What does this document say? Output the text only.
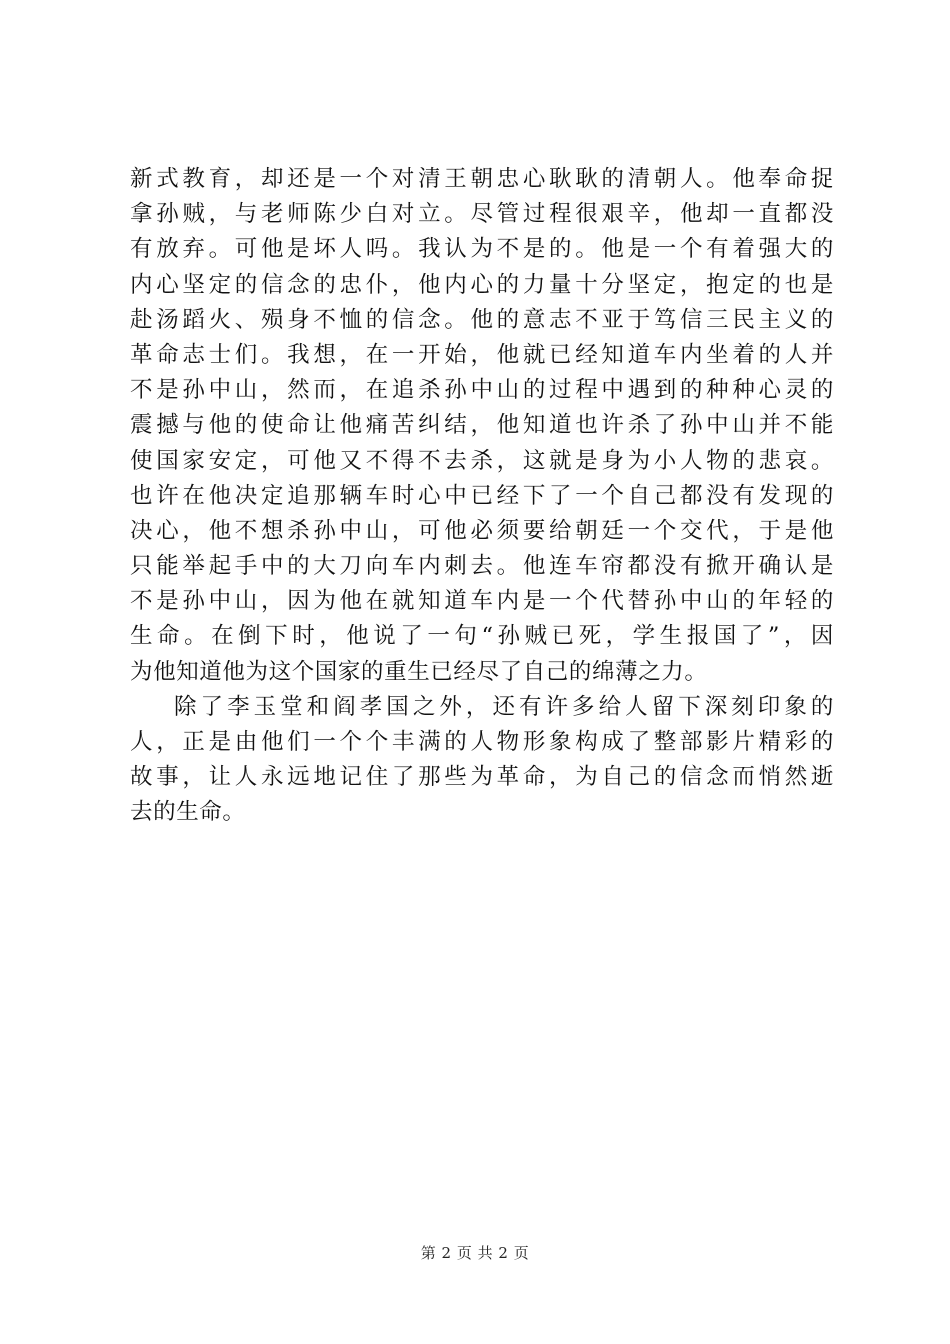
新式教育，却还是一个对清王朝忠心耿耿的清朝人。他奉命捉
拿孙贼，与老师陈少白对立。尽管过程很艰辛，他却一直都没
有放弃。可他是坏人吗。我认为不是的。他是一个有着强大的
内心坚定的信念的忠仆，他内心的力量十分坚定，抱定的也是
赴汤蹈火、殒身不恤的信念。他的意志不亚于笃信三民主义的
革命志士们。我想，在一开始，他就已经知道车内坐着的人并
不是孙中山，然而，在追杀孙中山的过程中遇到的种种心灵的
震撼与他的使命让他痛苦纠结，他知道也许杀了孙中山并不能
使国家安定，可他又不得不去杀，这就是身为小人物的悲哀。
也许在他决定追那辆车时心中已经下了一个自己都没有发现的
决心，他不想杀孙中山，可他必须要给朝廷一个交代，于是他
只能举起手中的大刀向车内刺去。他连车帘都没有掀开确认是
不是孙中山，因为他在就知道车内是一个代替孙中山的年轻的
生命。在倒下时，他说了一句“孙贼已死，学生报国了”，因
为他知道他为这个国家的重生已经尽了自己的绵薄之力。
除了李玉堂和阎孝国之外，还有许多给人留下深刻印象的
人，正是由他们一个个丰满的人物形象构成了整部影片精彩的
故事，让人永远地记住了那些为革命，为自己的信念而悄然逝
去的生命。
第 2 页 共 2 页
